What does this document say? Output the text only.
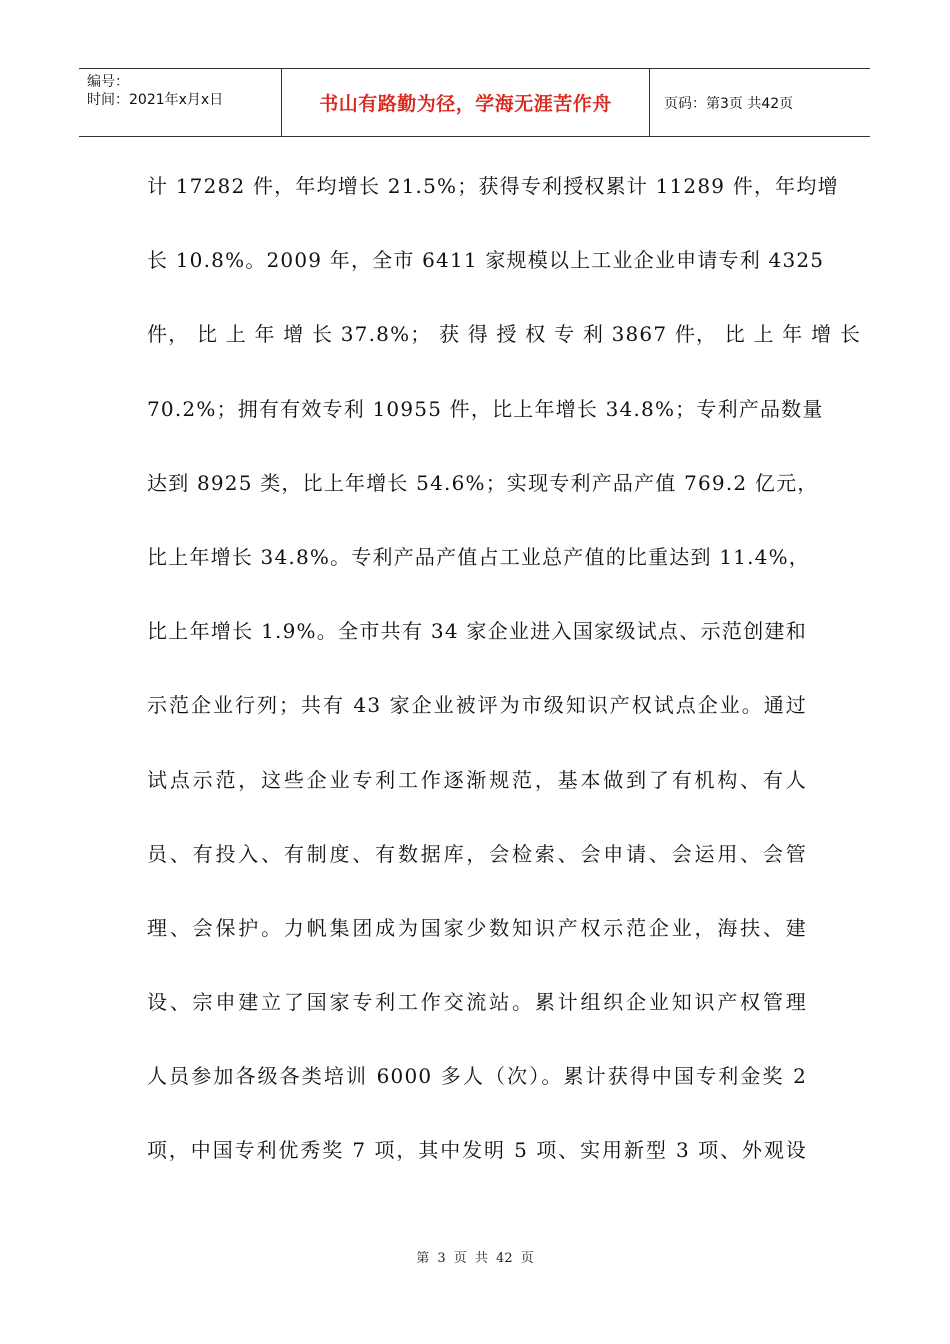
编号：
时间：2021年x月x日	书山有路勤为径，学海无涯苦作舟	页码：第3页 共42页
计 17282 件，年均增长 21.5%；获得专利授权累计 11289 件，年均增
长 10.8%。2009 年，全市 6411 家规模以上工业企业申请专利 4325
件， 比 上 年 增 长 37.8%； 获 得 授 权 专 利 3867 件， 比 上 年 增 长
70.2%；拥有有效专利 10955 件，比上年增长 34.8%；专利产品数量
达到 8925 类，比上年增长 54.6%；实现专利产品产值 769.2 亿元，
比上年增长 34.8%。专利产品产值占工业总产值的比重达到 11.4%，
比上年增长 1.9%。全市共有 34 家企业进入国家级试点、示范创建和
示范企业行列；共有 43 家企业被评为市级知识产权试点企业。通过
试点示范，这些企业专利工作逐渐规范，基本做到了有机构、有人
员、有投入、有制度、有数据库，会检索、会申请、会运用、会管
理、会保护。力帆集团成为国家少数知识产权示范企业，海扶、建
设、宗申建立了国家专利工作交流站。累计组织企业知识产权管理
人员参加各级各类培训 6000 多人（次）。累计获得中国专利金奖 2
项，中国专利优秀奖 7 项，其中发明 5 项、实用新型 3 项、外观设
第 3 页 共 42 页
